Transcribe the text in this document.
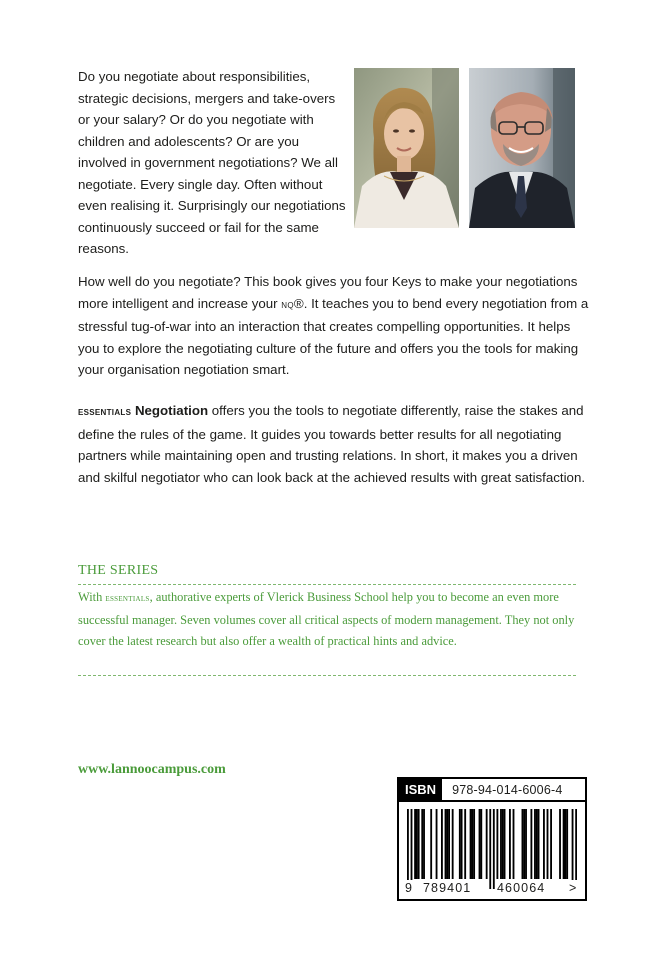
Do you negotiate about responsibilities, strategic decisions, mergers and take-overs or your salary? Or do you negotiate with children and adolescents? Or are you involved in government negotiations? We all negotiate. Every single day. Often without even realising it. Surprisingly our negotiations continuously succeed or fail for the same reasons.

How well do you negotiate? This book gives you four Keys to make your negotiations more intelligent and increase your nq®. It teaches you to bend every negotiation from a stressful tug-of-war into an interaction that creates compelling opportunities. It helps you to explore the negotiating culture of the future and offers you the tools for making your organisation negotiation smart.

essentials Negotiation offers you the tools to negotiate differently, raise the stakes and define the rules of the game. It guides you towards better results for all negotiating partners while maintaining open and trusting relations. In short, it makes you a driven and skilful negotiator who can look back at the achieved results with great satisfaction.

THE SERIES

With essentials, authorative experts of Vlerick Business School help you to become an even more successful manager. Seven volumes cover all critical aspects of modern management. They not only cover the latest research but also offer a wealth of practical hints and advice.

www.lannoocampus.com
ISBN	978-94-014-6006-4
9 789401 460064 >
